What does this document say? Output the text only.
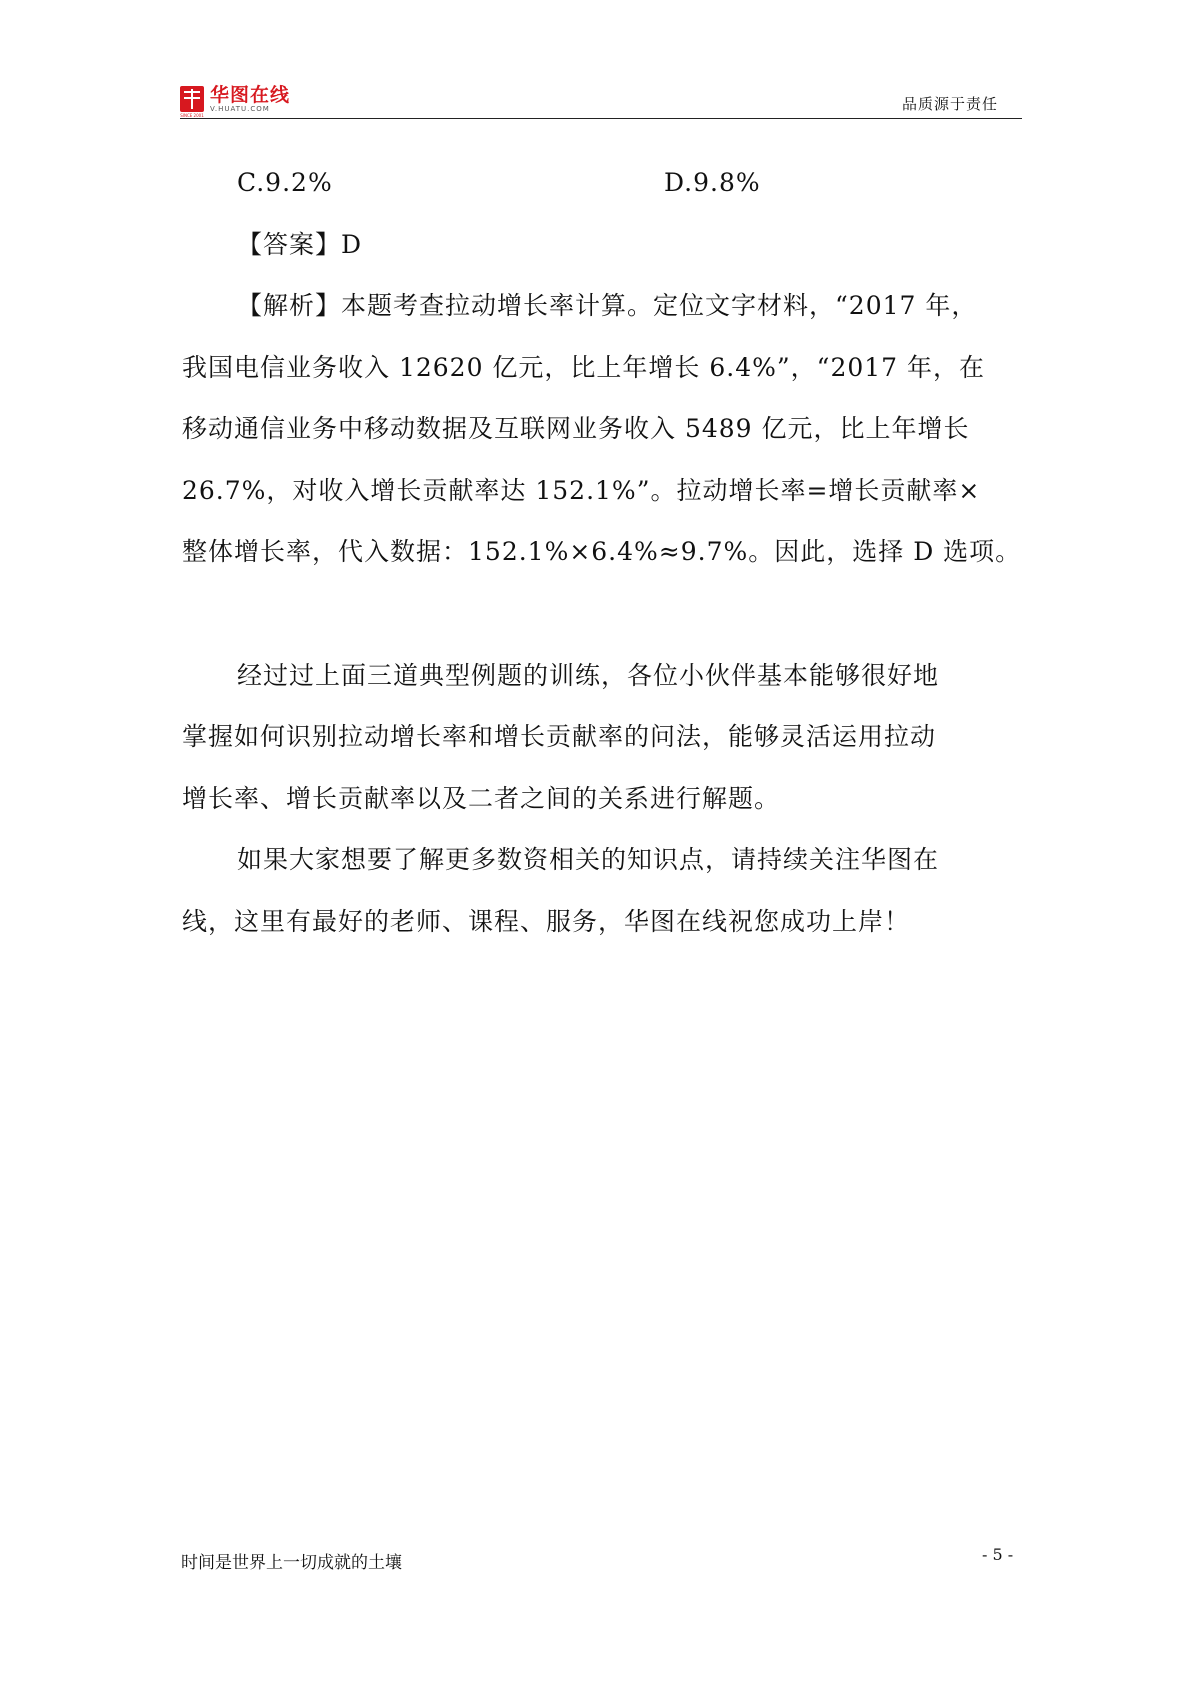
SINCE 2001
华图在线
V.HUATU.COM	品质源于责任
C.9.2%	D.9.8%
【答案】D
【解析】本题考查拉动增长率计算。定位文字材料，“2017 年，
我国电信业务收入 12620 亿元，比上年增长 6.4%”，“2017 年，在
移动通信业务中移动数据及互联网业务收入 5489 亿元，比上年增长
26.7%，对收入增长贡献率达 152.1%”。拉动增长率=增长贡献率×
整体增长率，代入数据：152.1%×6.4%≈9.7%。因此，选择 D 选项。
经过过上面三道典型例题的训练，各位小伙伴基本能够很好地
掌握如何识别拉动增长率和增长贡献率的问法，能够灵活运用拉动
增长率、增长贡献率以及二者之间的关系进行解题。
如果大家想要了解更多数资相关的知识点，请持续关注华图在
线，这里有最好的老师、课程、服务，华图在线祝您成功上岸！
时间是世界上一切成就的土壤	- 5 -
